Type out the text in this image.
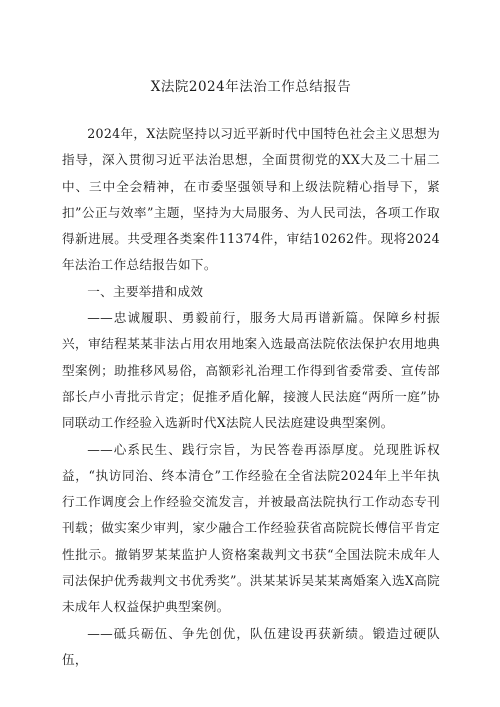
X法院2024年法治工作总结报告

2024年，X法院坚持以习近平新时代中国特色社会主义思想为指导，深入贯彻习近平法治思想，全面贯彻党的XX大及二十届二中、三中全会精神，在市委坚强领导和上级法院精心指导下，紧扣”公正与效率”主题，坚持为大局服务、为人民司法，各项工作取得新进展。共受理各类案件11374件，审结10262件。现将2024年法治工作总结报告如下。

一、主要举措和成效

——忠诚履职、勇毅前行，服务大局再谱新篇。保障乡村振兴，审结程某某非法占用农用地案入选最高法院依法保护农用地典型案例；助推移风易俗，高额彩礼治理工作得到省委常委、宣传部部长卢小青批示肯定；促推矛盾化解，接渡人民法庭“两所一庭”协同联动工作经验入选新时代X法院人民法庭建设典型案例。

——心系民生、践行宗旨，为民答卷再添厚度。兑现胜诉权益，“执访同治、终本清仓”工作经验在全省法院2024年上半年执行工作调度会上作经验交流发言，并被最高法院执行工作动态专刊刊载；做实案少审判，家少融合工作经验获省高院院长傅信平肯定性批示。撤销罗某某监护人资格案裁判文书获“全国法院未成年人司法保护优秀裁判文书优秀奖”。洪某某诉吴某某离婚案入选X高院未成年人权益保护典型案例。

——砥兵砺伍、争先创优，队伍建设再获新绩。锻造过硬队伍，
